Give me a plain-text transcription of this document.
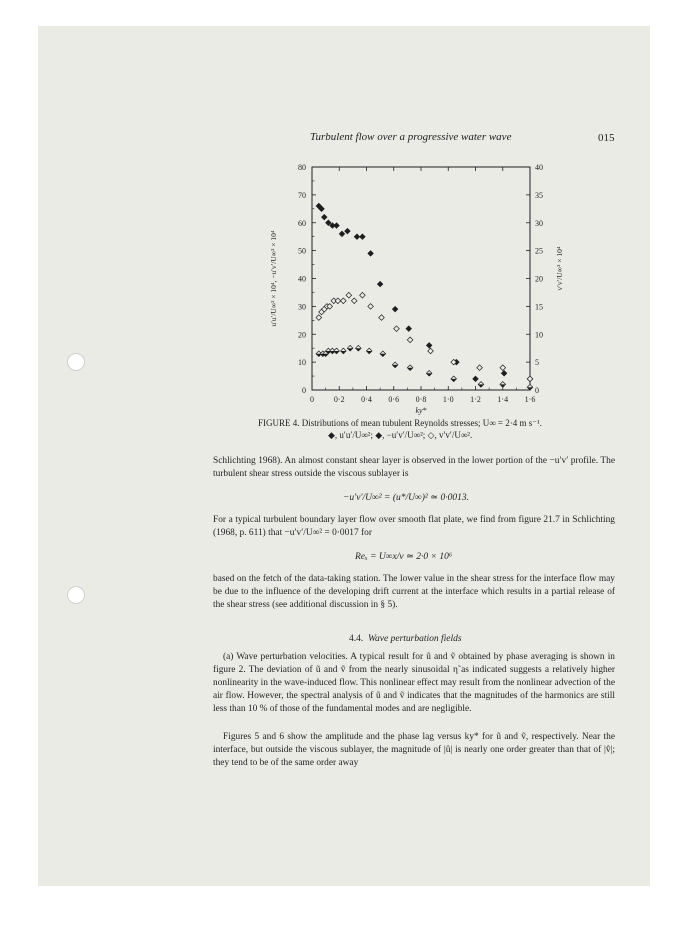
Turbulent flow over a progressive water wave	015
0
10
20
30
40
50
60
70
80
0
5
10
15
20
25
30
35
40
0 0·2 0·4 0·6 0·8 1·0 1·2 1·4 1·6
ky*
u′u′/U∞² × 10⁴, −u′v′/U∞² × 10⁴	v′v′/U∞² × 10⁴
FIGURE 4. Distributions of mean tubulent Reynolds stresses; U∞ = 2·4 m s⁻¹.
◆, u′u′/U∞²; ◆, −u′v′/U∞²; ◇, v′v′/U∞².
Schlichting 1968). An almost constant shear layer is observed in the lower portion of the −u′v′ profile. The turbulent shear stress outside the viscous sublayer is
−u′v′/U∞² = (u*/U∞)² ≃ 0·0013.
For a typical turbulent boundary layer flow over smooth flat plate, we find from figure 21.7 in Schlichting (1968, p. 611) that −u′v′/U∞² = 0·0017 for
Reₓ = U∞x/ν ≃ 2·0 × 10⁶
based on the fetch of the data-taking station. The lower value in the shear stress for the interface flow may be due to the influence of the developing drift current at the interface which results in a partial release of the shear stress (see additional discussion in § 5).
4.4. Wave perturbation fields
(a) Wave perturbation velocities. A typical result for ũ and ṽ obtained by phase averaging is shown in figure 2. The deviation of ũ and ṽ from the nearly sinusoidal η̃ as indicated suggests a relatively higher nonlinearity in the wave-induced flow. This nonlinear effect may result from the nonlinear advection of the air flow. However, the spectral analysis of ũ and ṽ indicates that the magnitudes of the harmonics are still less than 10 % of those of the fundamental modes and are negligible.
Figures 5 and 6 show the amplitude and the phase lag versus ky* for ũ and ṽ, respectively. Near the interface, but outside the viscous sublayer, the magnitude of |û| is nearly one order greater than that of |v̂|; they tend to be of the same order away
